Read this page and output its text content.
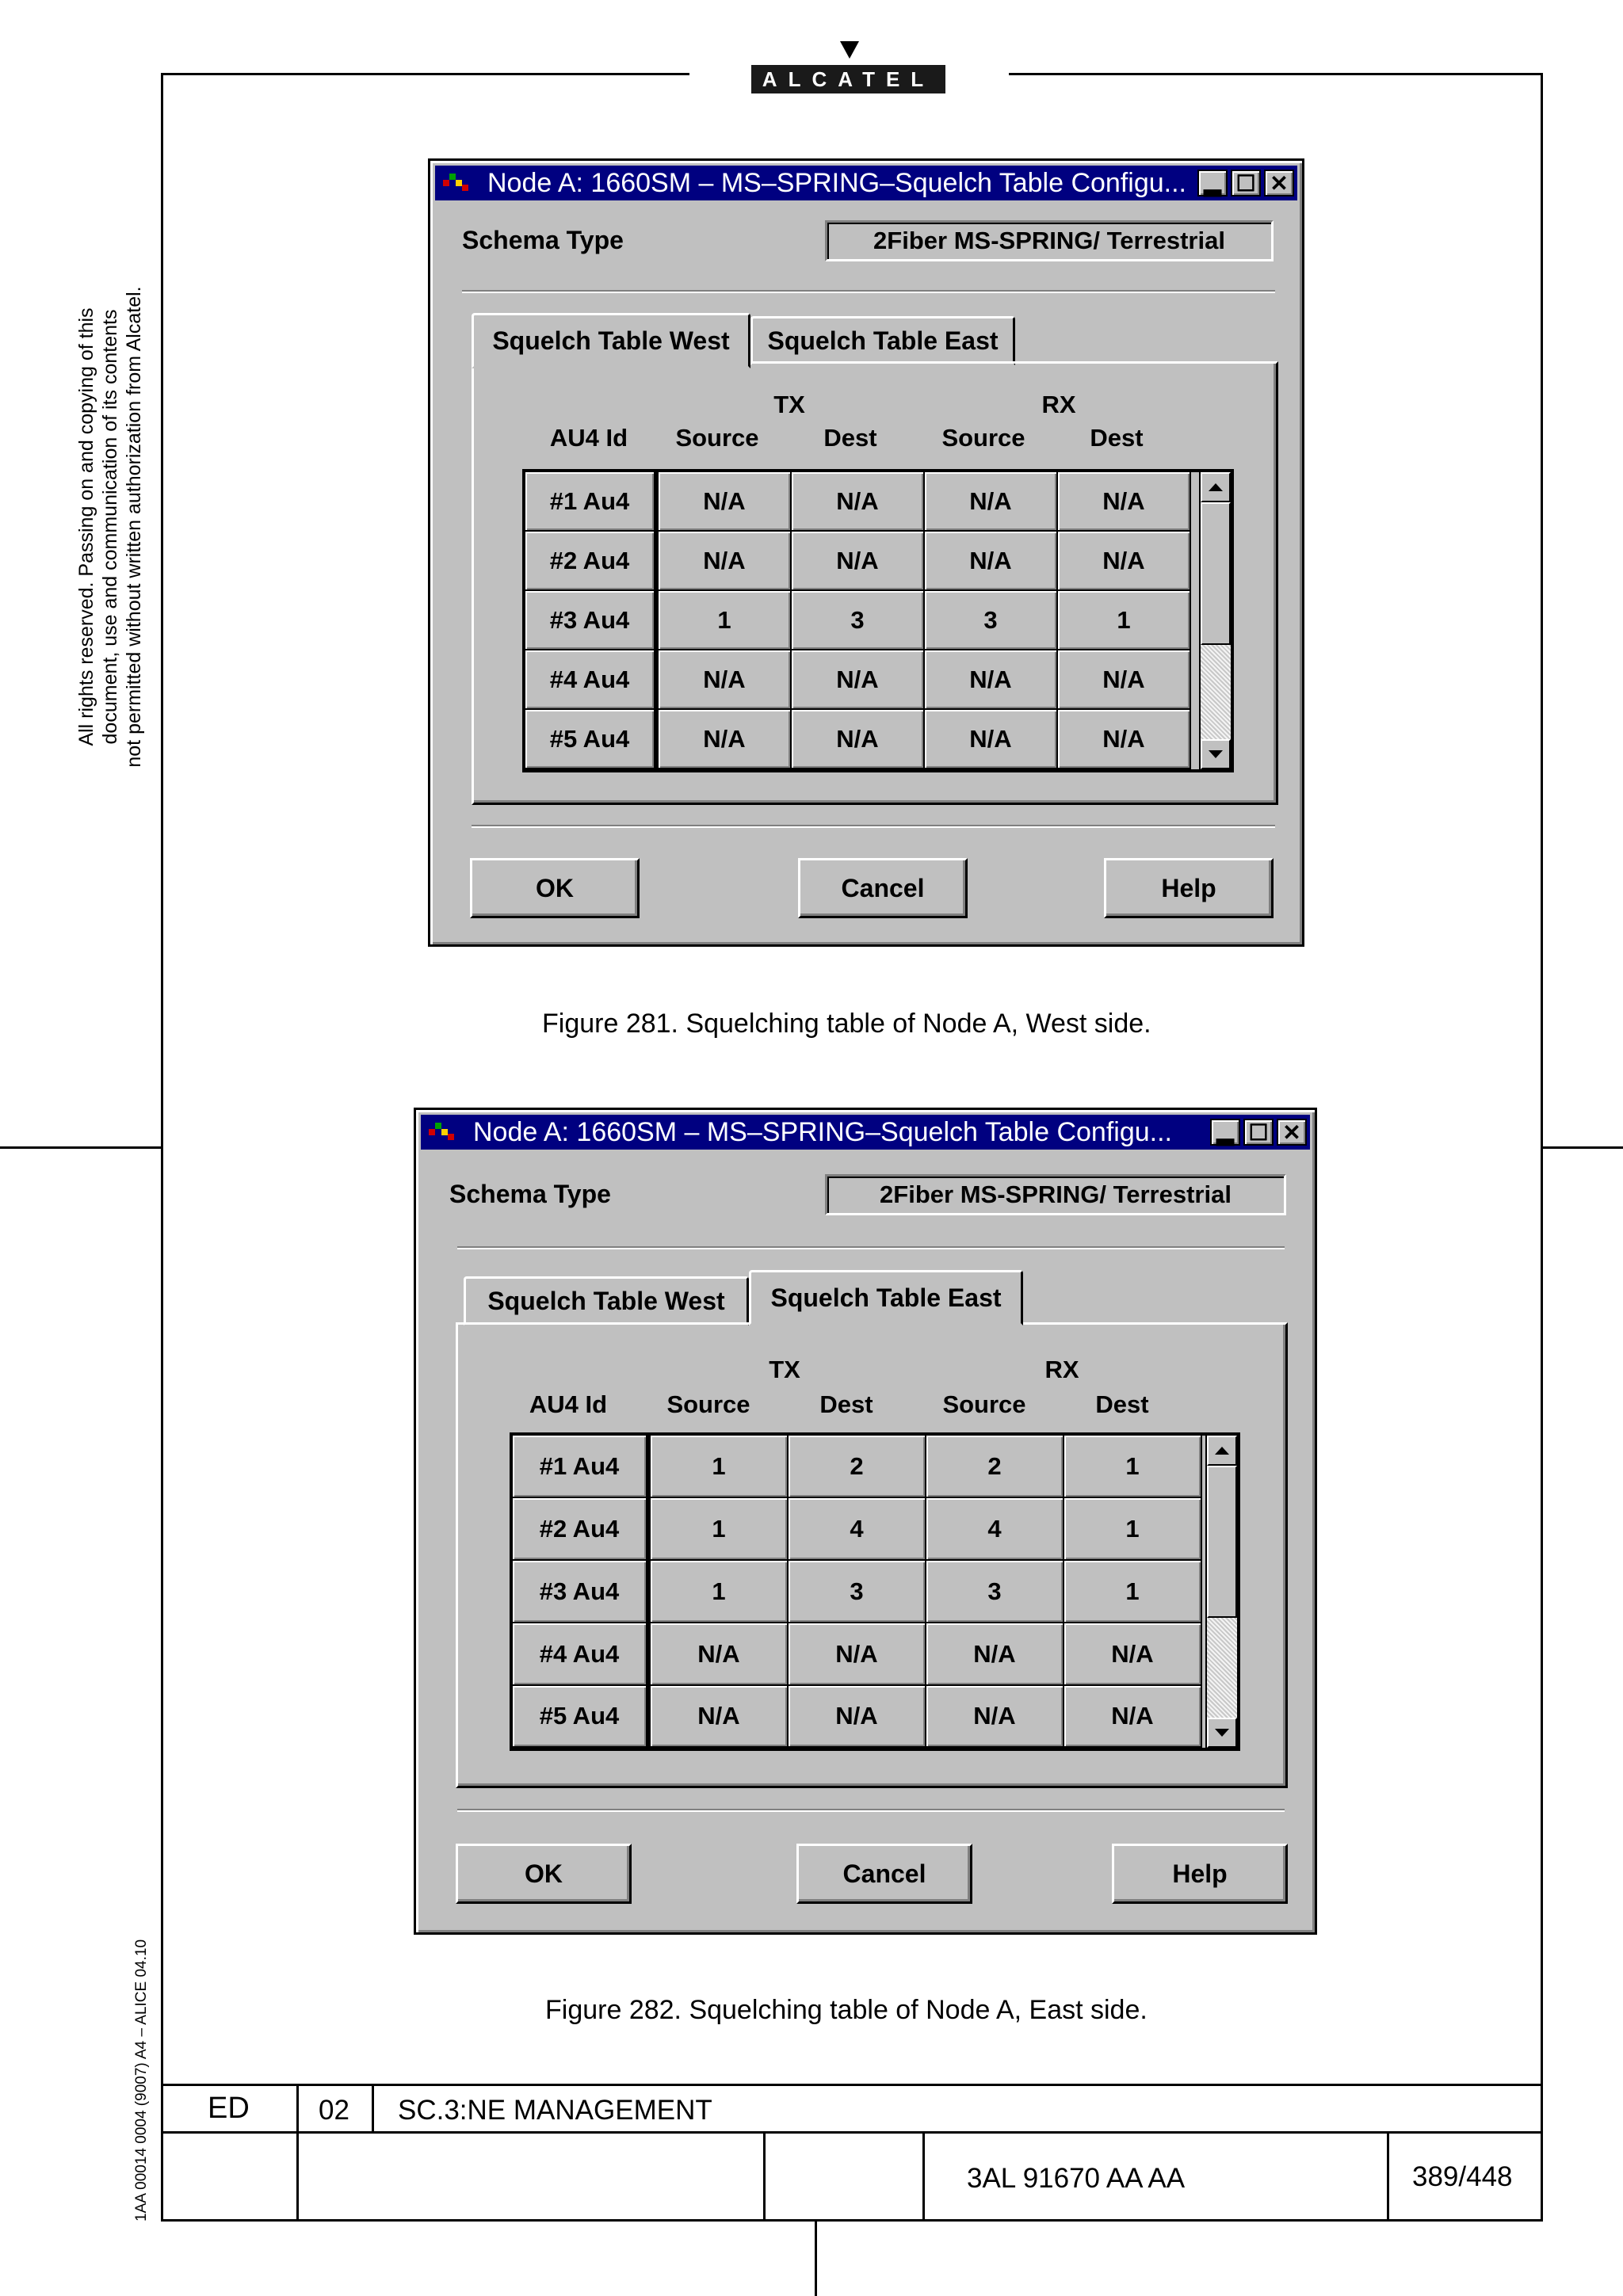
ALCATEL
All rights reserved. Passing on and copying of this document, use and communication of its contents not permitted without written authorization from Alcatel.
1AA 00014 0004 (9007) A4 – ALICE 04.10
Node A: 1660SM – MS–SPRING–Squelch Table Configu... ▂ ☐ ✕
Schema Type	2Fiber MS-SPRING/ Terrestrial
Squelch Table West	Squelch Table East
TX	RX
AU4 Id	Source	Dest	Source	Dest
#1 Au4	N/A	N/A	N/A	N/A
#2 Au4	N/A	N/A	N/A	N/A
#3 Au4	1	3	3	1
#4 Au4	N/A	N/A	N/A	N/A
#5 Au4	N/A	N/A	N/A	N/A
OK	Cancel	Help
Figure 281. Squelching table of Node A, West side.
Node A: 1660SM – MS–SPRING–Squelch Table Configu... ▂ ☐ ✕
Schema Type	2Fiber MS-SPRING/ Terrestrial
Squelch Table West	Squelch Table East
TX	RX
AU4 Id	Source	Dest	Source	Dest
#1 Au4	1	2	2	1
#2 Au4	1	4	4	1
#3 Au4	1	3	3	1
#4 Au4	N/A	N/A	N/A	N/A
#5 Au4	N/A	N/A	N/A	N/A
OK	Cancel	Help
Figure 282. Squelching table of Node A, East side.
ED 02 SC.3:NE MANAGEMENT
3AL 91670 AA AA	389/448
